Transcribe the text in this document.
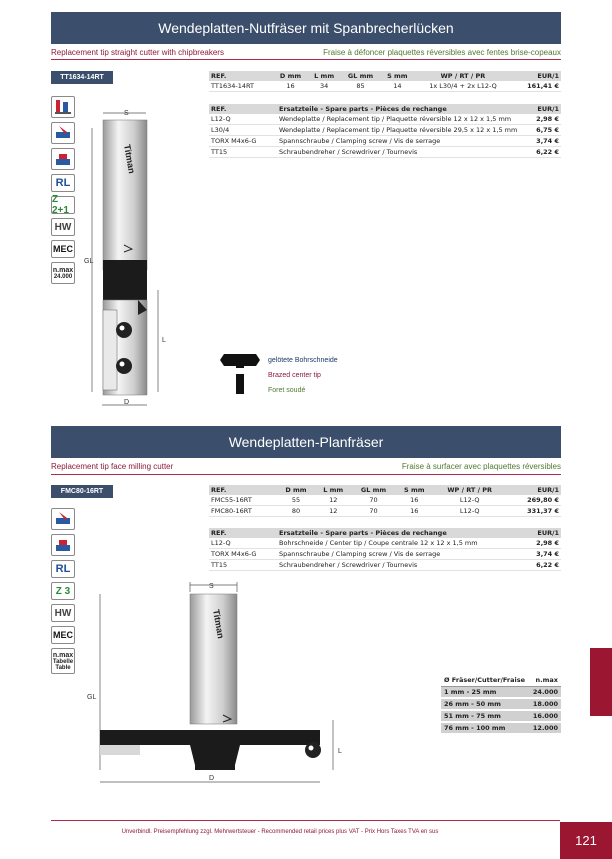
Wendeplatten-Nutfräser mit Spanbrecherlücken
Replacement tip straight cutter with chipbreakers	Fraise à défoncer plaquettes réversibles avec fentes brise-copeaux
TT1634-14RT
RL
Z 2+1
HW
MEC
n.max
24.000
REF.	D mm	L mm	GL mm	S mm	WP / RT / PR	EUR/1
TT1634-14RT	16	34	85	14	1x L30/4 + 2x L12-Q	161,41 €
REF.	Ersatzteile - Spare parts - Pièces de rechange	EUR/1
L12-Q	Wendeplatte / Replacement tip / Plaquette réversible 12 x 12 x 1,5 mm	2,98 €
L30/4	Wendeplatte / Replacement tip / Plaquette réversible 29,5 x 12 x 1,5 mm	6,75 €
TORX M4x6-G	Spannschraube / Clamping screw / Vis de serrage	3,74 €
TT15	Schraubendreher / Screwdriver / Tournevis	6,22 €
Titman
S
GL
L
D
gelötete Bohrschneide
Brazed center tip
Foret soudé
Wendeplatten-Planfräser
Replacement tip face milling cutter	Fraise à surfacer avec plaquettes réversibles
FMC80-16RT
RL
Z 3
HW
MEC
n.max
Tabelle
Table
REF.	D mm	L mm	GL mm	S mm	WP / RT / PR	EUR/1
FMC55-16RT	55	12	70	16	L12-Q	269,80 €
FMC80-16RT	80	12	70	16	L12-Q	331,37 €
REF.	Ersatzteile - Spare parts - Pièces de rechange	EUR/1
L12-Q	Bohrschneide / Center tip / Coupe centrale 12 x 12 x 1,5 mm	2,98 €
TORX M4x6-G	Spannschraube / Clamping screw / Vis de serrage	3,74 €
TT15	Schraubendreher / Screwdriver / Tournevis	6,22 €
Titman
S
GL
L
D
Ø Fräser/Cutter/Fraise	n.max
1 mm - 25 mm	24.000
26 mm - 50 mm	18.000
51 mm - 75 mm	16.000
76 mm - 100 mm	12.000
Unverbindl. Preisempfehlung zzgl. Mehrwertsteuer - Recommended retail prices plus VAT - Prix Hors Taxes TVA en sus
121
